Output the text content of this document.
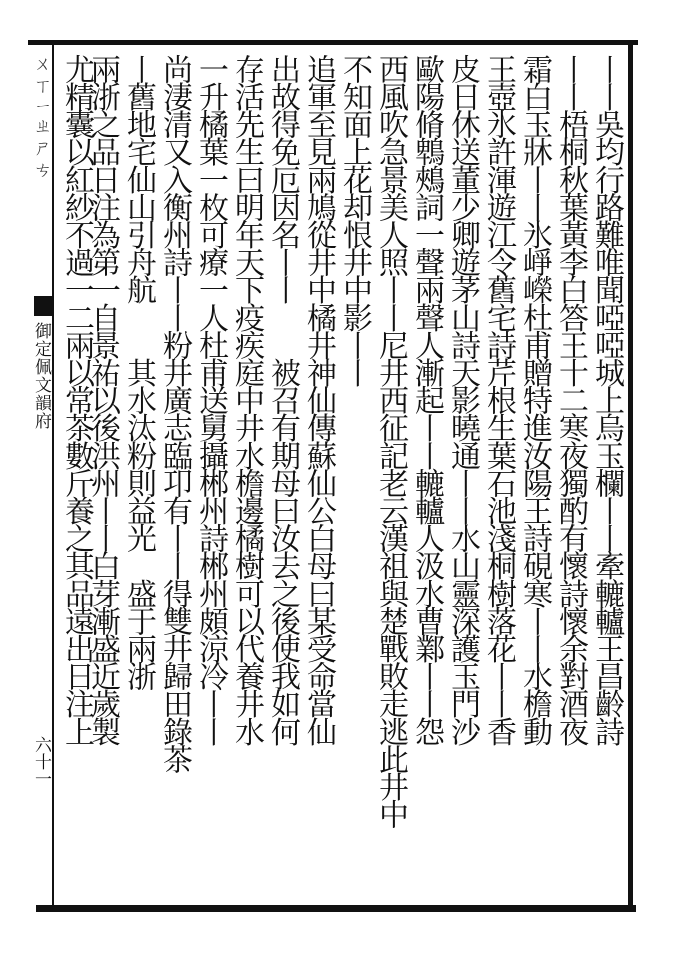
ㄨㄒㄧㄓㄕㄘ
御定佩文韻府
六十一
丨丨吳均行路難唯聞啞啞城上烏玉欄丨丨牽轆轤王昌齡詩
丨丨梧桐秋葉黃李白答王十二寒夜獨酌有懷詩懷余對酒夜
霜白玉牀丨丨氷崢嶸杜甫贈特進汝陽王詩硯寒丨丨水檐動
王壺氷許渾遊江令舊宅詩芹根生葉石池淺桐樹落花丨丨香
皮日休送董少卿遊茅山詩天影曉通丨丨水山靈深護玉門沙
歐陽脩鵯鵊詞一聲兩聲人漸起丨丨轆轤人汲水曹鄴丨丨怨
西風吹急景美人照丨丨尼井西征記老云漢祖與楚戰敗走逃此井中
不知面上花却恨井中影丨丨　　　　　　　　　　　　　
追軍至見兩鳩從井中橘井神仙傳蘇仙公白母曰某受命當仙
出故得免厄因名丨丨　　被召有期母曰汝去之後使我如何
存活先生曰明年天下疫疾庭中井水檐邊橘樹可以代養井水
一升橘葉一枚可療一人杜甫送舅攝郴州詩郴州頗涼冷丨丨
尚淒清又入衡州詩丨丨粉井廣志臨卭有丨丨得雙井歸田錄茶
丨舊地宅仙山引舟航　　其水汰粉則益光　盛于兩浙
兩浙之品日注為第一自景祐以後洪州丨丨白芽漸盛近歲製
尤精囊以紅紗不過一二兩以常茶數斤養之其品遠出日注上
